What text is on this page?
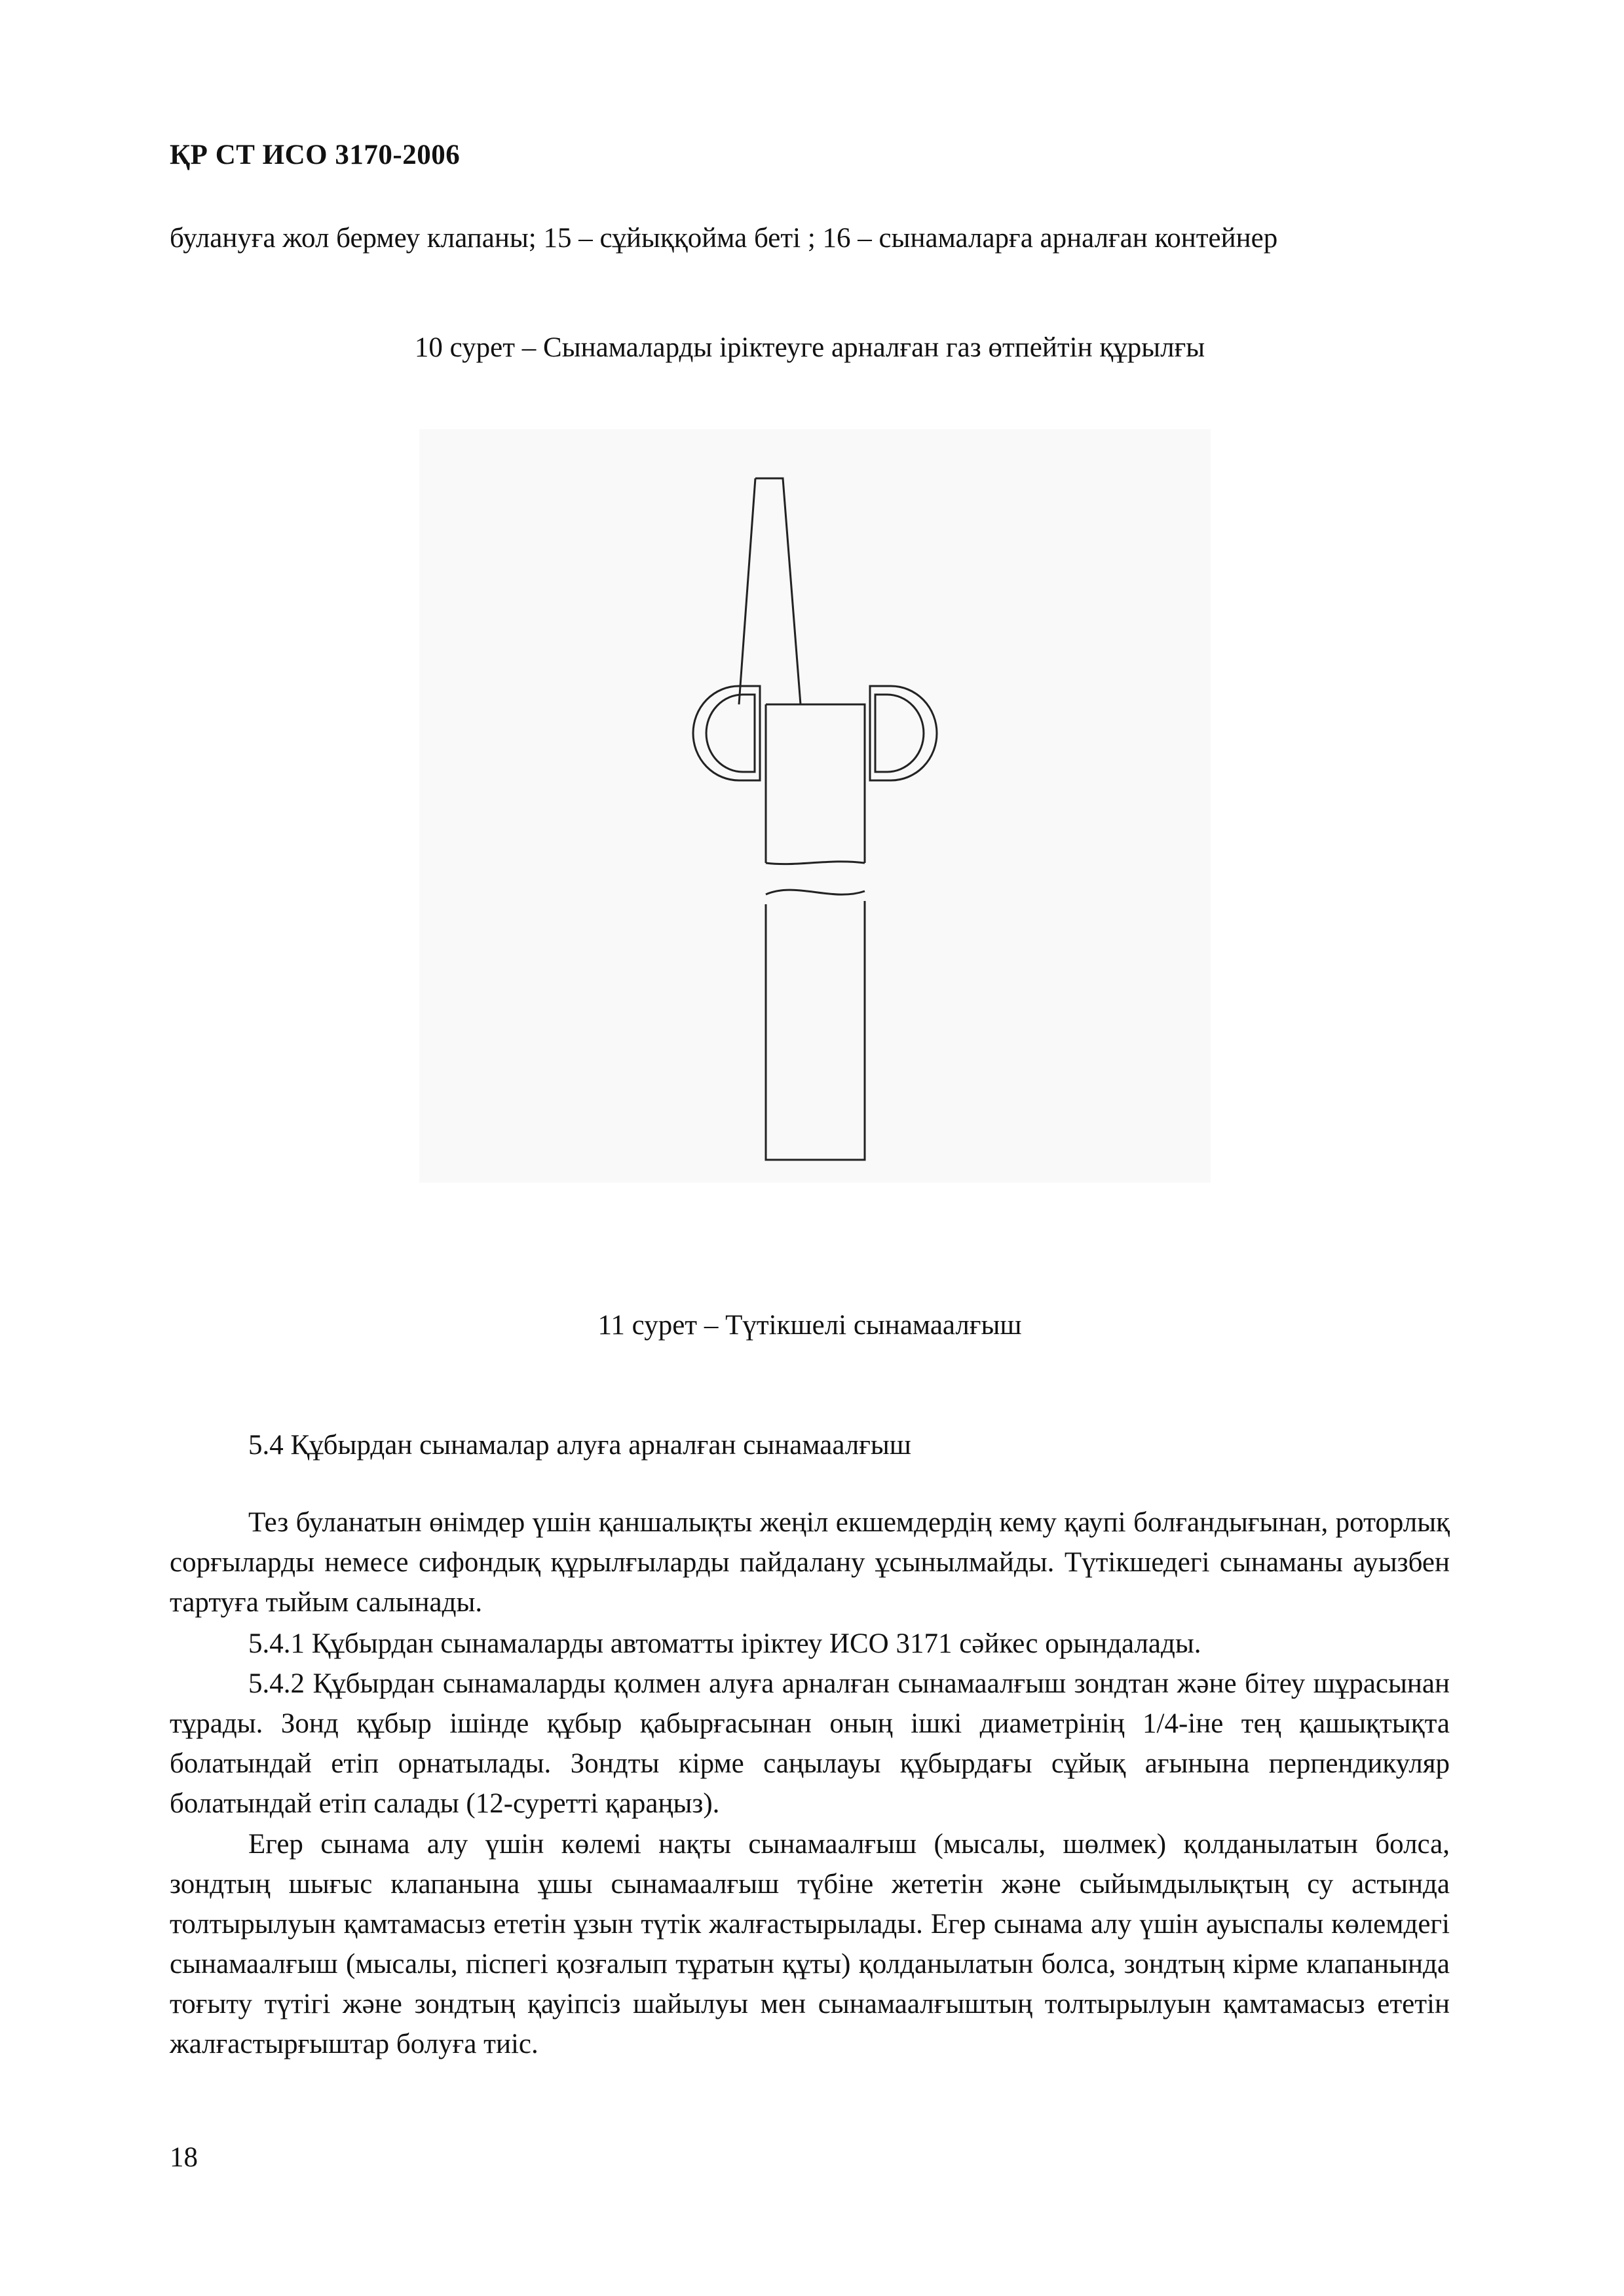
ҚР СТ ИСО 3170-2006

булануға жол бермеу клапаны; 15 – сұйыққойма беті ; 16 – сынамаларға арналған контейнер

10 сурет – Сынамаларды іріктеуге арналған газ өтпейтін құрылғы
11 сурет – Түтікшелі сынамаалғыш
5.4 Құбырдан сынамалар алуға арналған сынамаалғыш

Тез буланатын өнімдер үшін қаншалықты жеңіл екшемдердің кему қаупі болғандығынан, роторлық сорғыларды немесе сифондық құрылғыларды пайдалану ұсынылмайды. Түтікшедегі сынаманы ауызбен тартуға тыйым салынады.

5.4.1 Құбырдан сынамаларды автоматты іріктеу ИСО 3171 сәйкес орындалады.

5.4.2 Құбырдан сынамаларды қолмен алуға арналған сынамаалғыш зондтан және бітеу шұрасынан тұрады. Зонд құбыр ішінде құбыр қабырғасынан оның ішкі диаметрінің 1/4-іне тең қашықтықта болатындай етіп орнатылады. Зондты кірме саңылауы құбырдағы сұйық ағынына перпендикуляр болатындай етіп салады (12-суретті қараңыз).

Егер сынама алу үшін көлемі нақты сынамаалғыш (мысалы, шөлмек) қолданылатын болса, зондтың шығыс клапанына ұшы сынамаалғыш түбіне жететін және сыйымдылықтың су астында толтырылуын қамтамасыз ететін ұзын түтік жалғастырылады. Егер сынама алу үшін ауыспалы көлемдегі сынамаалғыш (мысалы, піспегі қозғалып тұратын құты) қолданылатын болса, зондтың кірме клапанында тоғыту түтігі және зондтың қауіпсіз шайылуы мен сынамаалғыштың толтырылуын қамтамасыз ететін жалғастырғыштар болуға тиіс.

18
